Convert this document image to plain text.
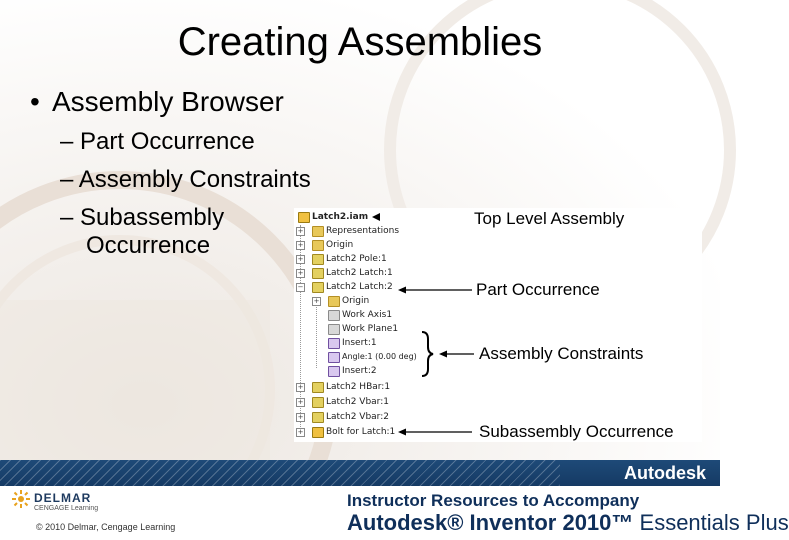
Creating Assemblies
• Assembly Browser
– Part Occurrence
– Assembly Constraints
– Subassembly
Occurrence
Latch2.iam
+	Representations
+	Origin
+	Latch2 Pole:1
+	Latch2 Latch:1
−	Latch2 Latch:2
+	Origin
Work Axis1
Work Plane1
Insert:1
Angle:1 (0.00 deg)
Insert:2
+	Latch2 HBar:1
+	Latch2 Vbar:1
+	Latch2 Vbar:2
+	Bolt for Latch:1
Top Level Assembly
Part Occurrence
Assembly Constraints
Subassembly Occurrence
Autodesk
DELMAR
CENGAGE Learning
© 2010 Delmar, Cengage Learning
Instructor Resources to Accompany
Autodesk® Inventor 2010™ Essentials Plus
